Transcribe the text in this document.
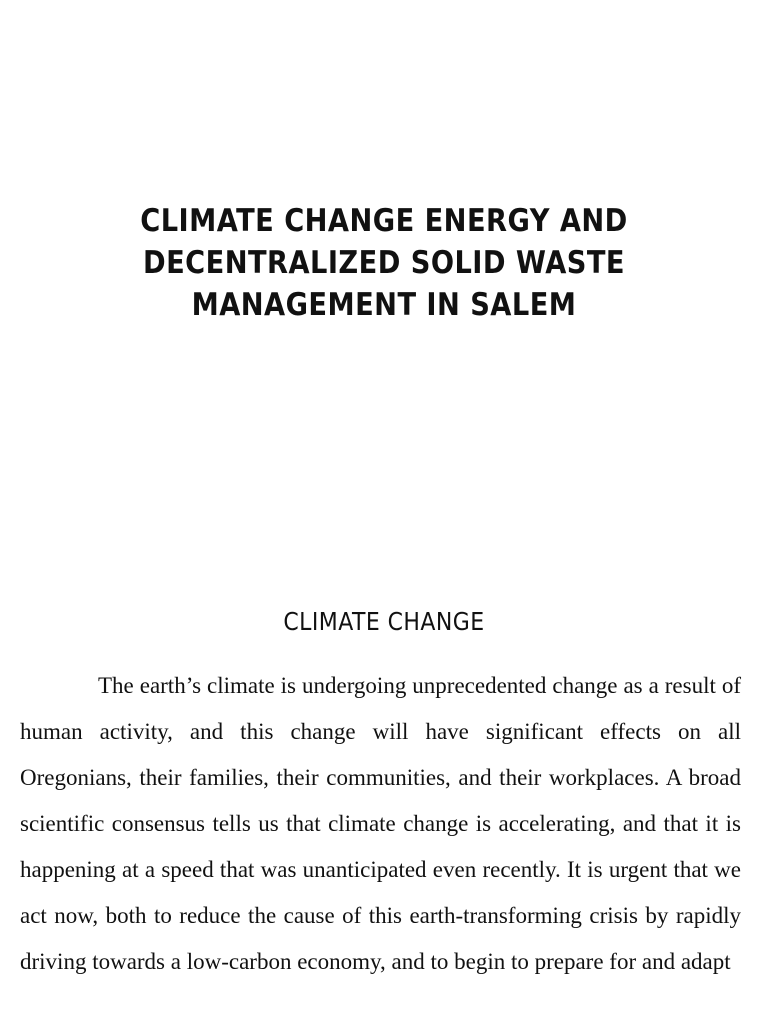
CLIMATE CHANGE ENERGY AND
DECENTRALIZED SOLID WASTE
MANAGEMENT IN SALEM
CLIMATE CHANGE

The earth’s climate is undergoing unprecedented change as a result of human activity, and this change will have significant effects on all Oregonians, their families, their communities, and their workplaces. A broad scientific consensus tells us that climate change is accelerating, and that it is happening at a speed that was unanticipated even recently. It is urgent that we act now, both to reduce the cause of this earth-transforming crisis by rapidly driving towards a low-carbon economy, and to begin to prepare for and adapt
